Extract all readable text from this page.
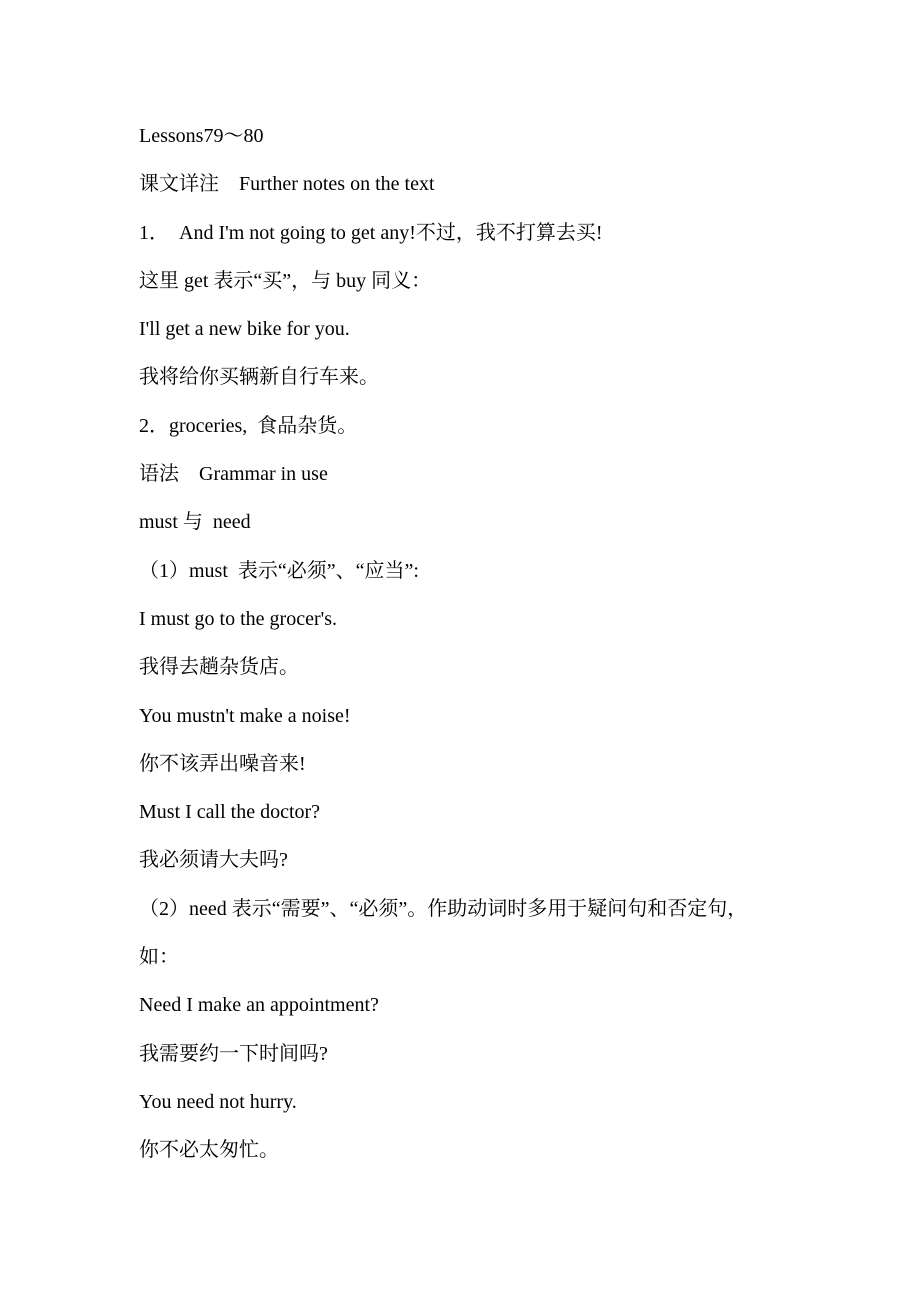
Lessons79～80
课文详注　Further notes on the text
1．　And I'm not going to get any!不过，我不打算去买!
这里 get 表示“买”，与 buy 同义：
I'll get a new bike for you.
我将给你买辆新自行车来。
2．groceries,  食品杂货。
语法　Grammar in use
must 与  need
（1）must  表示“必须”、“应当”:
I must go to the grocer's.
我得去趟杂货店。
You mustn't make a noise!
你不该弄出噪音来!
Must I call the doctor?
我必须请大夫吗?
（2）need 表示“需要”、“必须”。作助动词时多用于疑问句和否定句，
如：
Need I make an appointment?
我需要约一下时间吗?
You need not hurry.
你不必太匆忙。
